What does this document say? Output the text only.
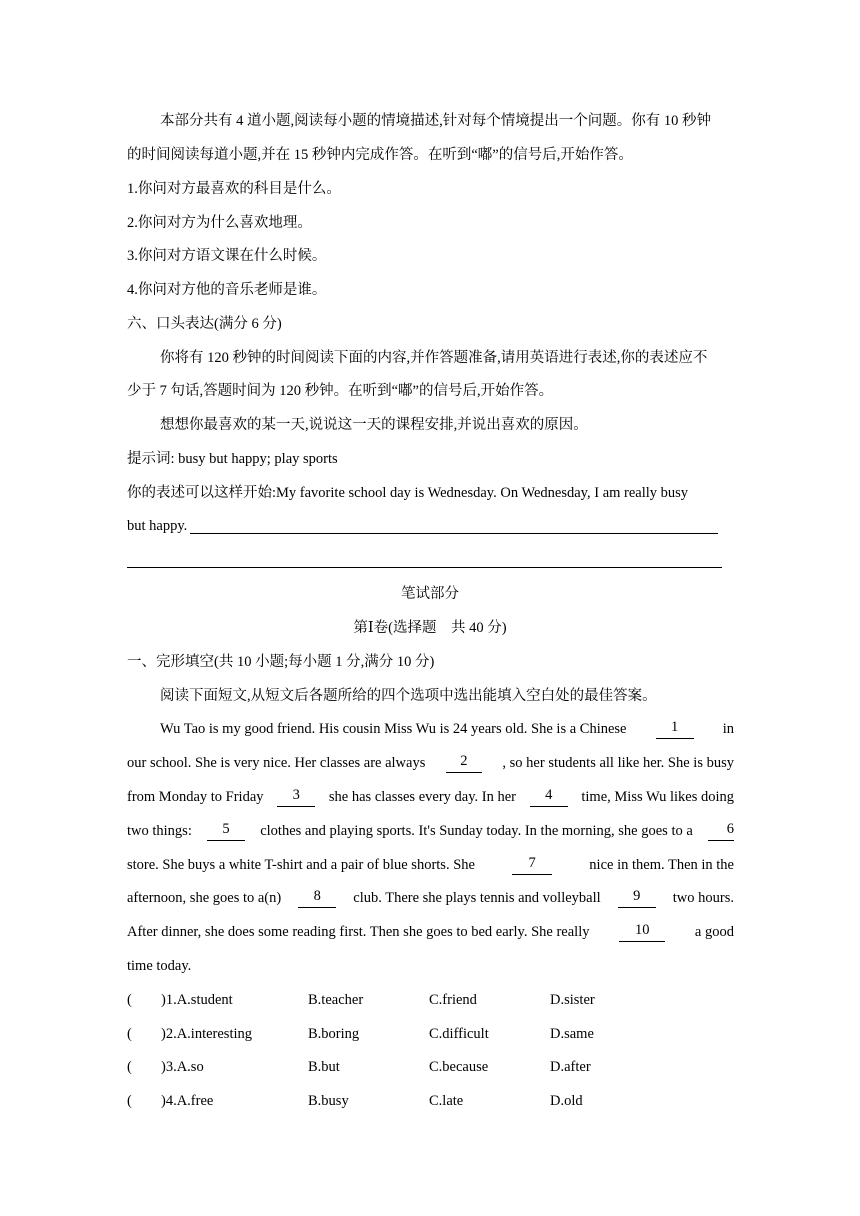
本部分共有 4 道小题,阅读每小题的情境描述,针对每个情境提出一个问题。你有 10 秒钟
的时间阅读每道小题,并在 15 秒钟内完成作答。在听到“嘟”的信号后,开始作答。
1.你问对方最喜欢的科目是什么。
2.你问对方为什么喜欢地理。
3.你问对方语文课在什么时候。
4.你问对方他的音乐老师是谁。
六、口头表达(满分 6 分)
你将有 120 秒钟的时间阅读下面的内容,并作答题准备,请用英语进行表述,你的表述应不
少于 7 句话,答题时间为 120 秒钟。在听到“嘟”的信号后,开始作答。
想想你最喜欢的某一天,说说这一天的课程安排,并说出喜欢的原因。
提示词: busy but happy; play sports
你的表述可以这样开始:My favorite school day is Wednesday. On Wednesday, I am really busy
but happy.
笔试部分
第Ⅰ卷(选择题　共 40 分)
一、完形填空(共 10 小题;每小题 1 分,满分 10 分)
阅读下面短文,从短文后各题所给的四个选项中选出能填入空白处的最佳答案。
Wu Tao is my good friend. His cousin Miss Wu is 24 years old. She is a Chinese	1	in
our school. She is very nice. Her classes are always	2	, so her students all like her. She is busy
from Monday to Friday	3	she has classes every day. In her	4	time, Miss Wu likes doing
two things:	5	clothes and playing sports. It's Sunday today. In the morning, she goes to a	6
store. She buys a white T-shirt and a pair of blue shorts. She	7	nice in them. Then in the
afternoon, she goes to a(n)	8	club. There she plays tennis and volleyball	9	two hours.
After dinner, she does some reading first. Then she goes to bed early. She really	10	a good
time today.
( )1.A.student	B.teacher	C.friend	D.sister
( )2.A.interesting	B.boring	C.difficult	D.same
( )3.A.so	B.but	C.because	D.after
( )4.A.free	B.busy	C.late	D.old
